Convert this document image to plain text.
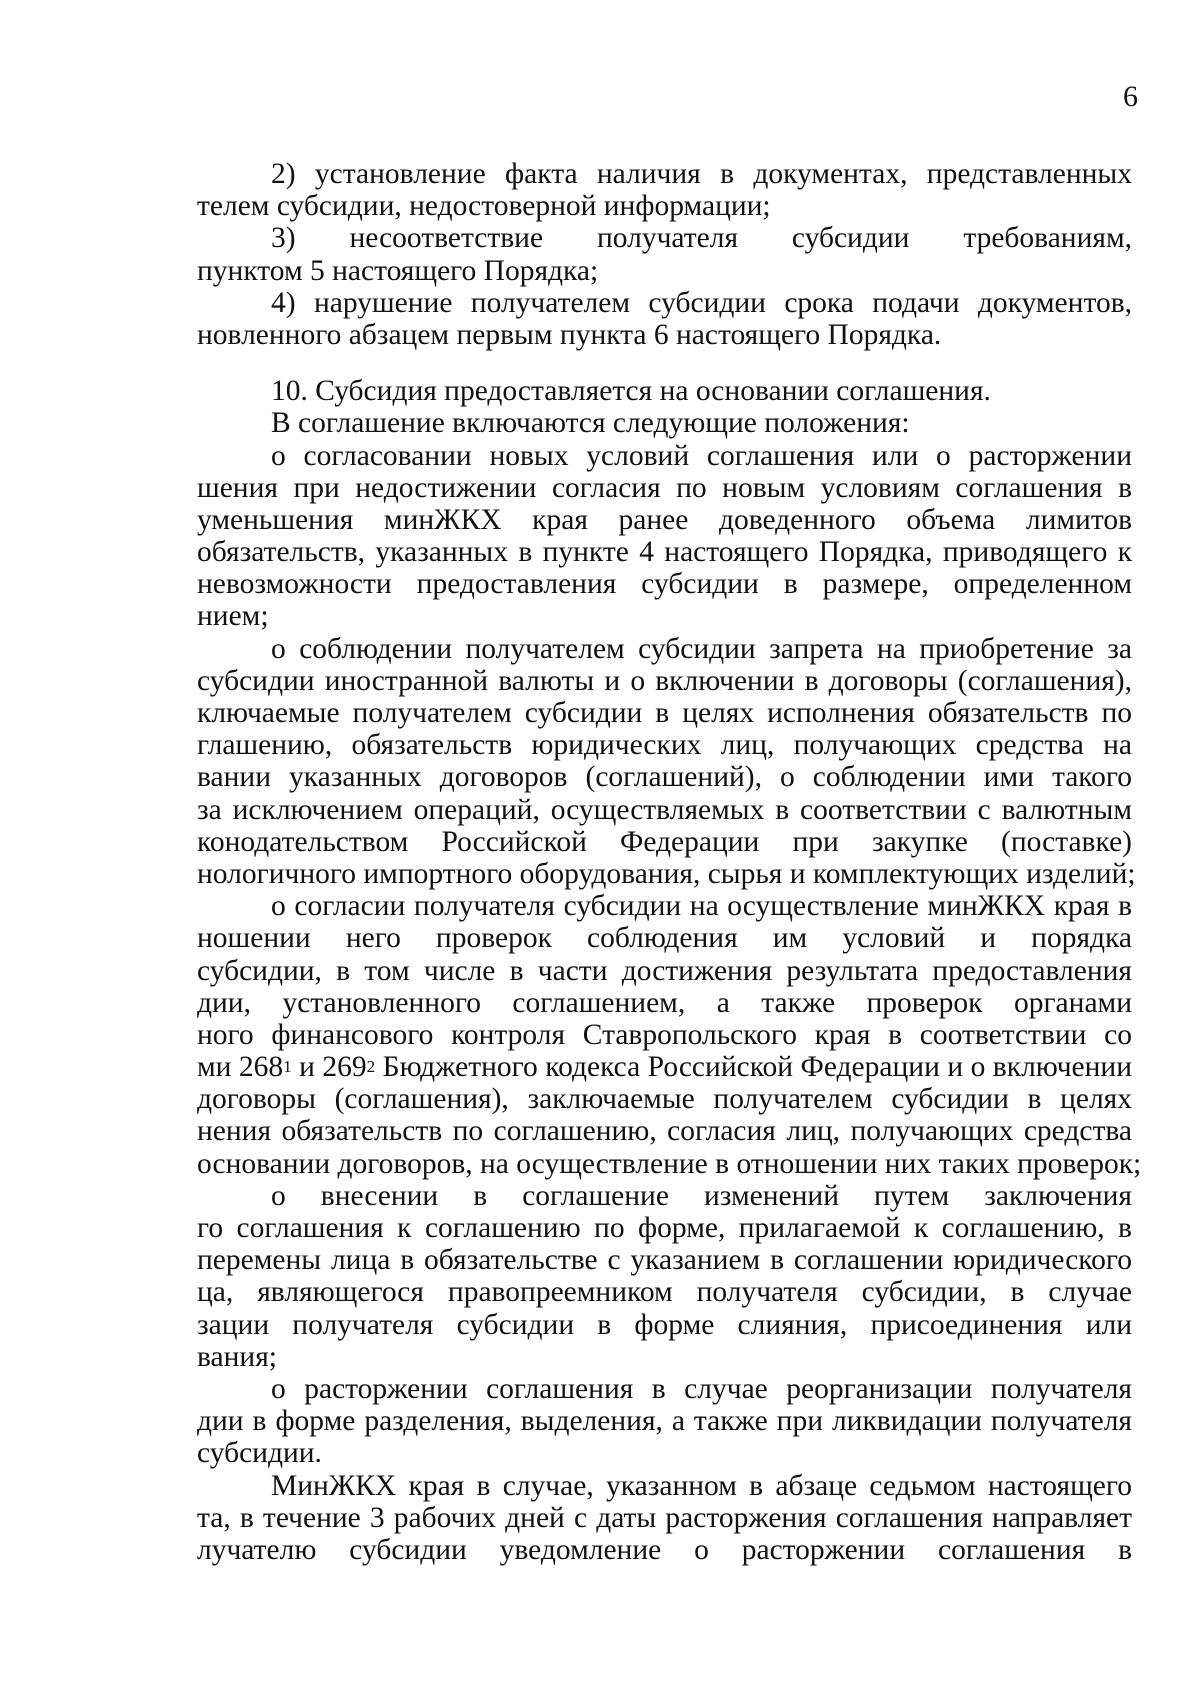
6
2) установление факта наличия в документах, представленных
телем субсидии, недостоверной информации;
3) несоответствие получателя субсидии требованиям,
пунктом 5 настоящего Порядка;
4) нарушение получателем субсидии срока подачи документов,
новленного абзацем первым пункта 6 настоящего Порядка.
10. Субсидия предоставляется на основании соглашения.
В соглашение включаются следующие положения:
о согласовании новых условий соглашения или о расторжении
шения при недостижении согласия по новым условиям соглашения в
уменьшения минЖКХ края ранее доведенного объема лимитов
обязательств, указанных в пункте 4 настоящего Порядка, приводящего к
невозможности предоставления субсидии в размере, определенном
нием;
о соблюдении получателем субсидии запрета на приобретение за
субсидии иностранной валюты и о включении в договоры (соглашения),
ключаемые получателем субсидии в целях исполнения обязательств по
глашению, обязательств юридических лиц, получающих средства на
вании указанных договоров (соглашений), о соблюдении ими такого
за исключением операций, осуществляемых в соответствии с валютным
конодательством Российской Федерации при закупке (поставке)
нологичного импортного оборудования, сырья и комплектующих изделий;
о согласии получателя субсидии на осуществление минЖКХ края в
ношении него проверок соблюдения им условий и порядка
субсидии, в том числе в части достижения результата предоставления
дии, установленного соглашением, а также проверок органами
ного финансового контроля Ставропольского края в соответствии со
ми $268^1$ и $269^2$ Бюджетного кодекса Российской Федерации и о включении
договоры (соглашения), заключаемые получателем субсидии в целях
нения обязательств по соглашению, согласия лиц, получающих средства
основании договоров, на осуществление в отношении них таких проверок;
о внесении в соглашение изменений путем заключения
го соглашения к соглашению по форме, прилагаемой к соглашению, в
перемены лица в обязательстве с указанием в соглашении юридического
ца, являющегося правопреемником получателя субсидии, в случае
зации получателя субсидии в форме слияния, присоединения или
вания;
о расторжении соглашения в случае реорганизации получателя
дии в форме разделения, выделения, а также при ликвидации получателя
субсидии.
МинЖКХ края в случае, указанном в абзаце седьмом настоящего
та, в течение 3 рабочих дней с даты расторжения соглашения направляет
лучателю субсидии уведомление о расторжении соглашения в
